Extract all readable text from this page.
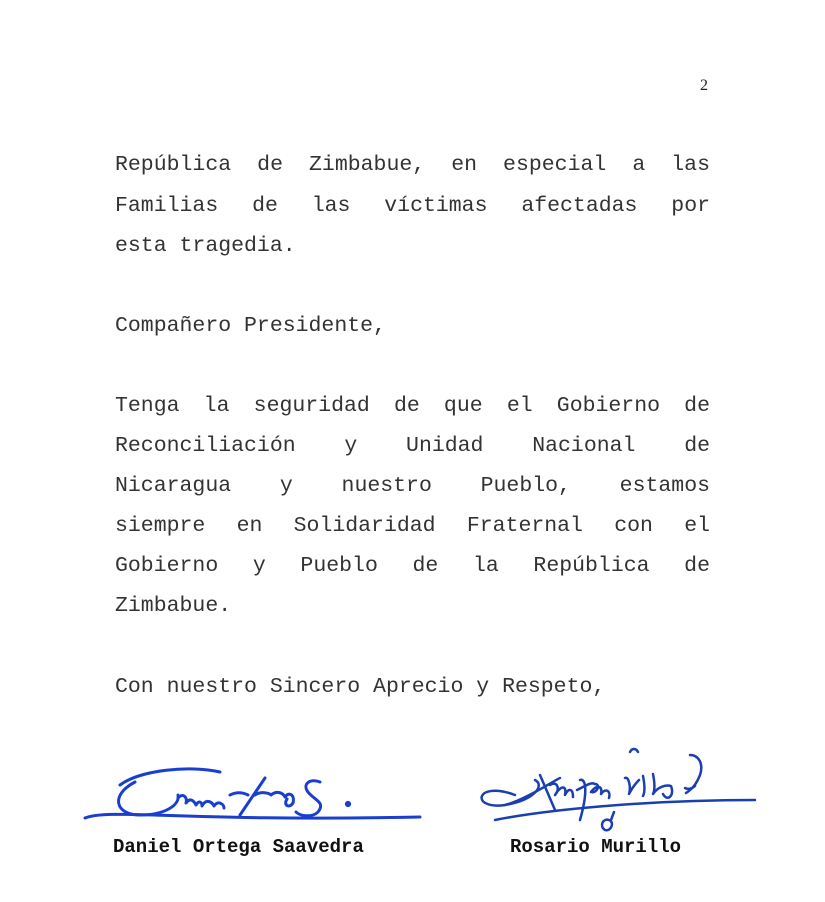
2
República de Zimbabue, en especial a las
Familias de las víctimas afectadas por
esta tragedia.
Compañero Presidente,
Tenga la seguridad de que el Gobierno de
Reconciliación y Unidad Nacional de
Nicaragua y nuestro Pueblo, estamos
siempre en Solidaridad Fraternal con el
Gobierno y Pueblo de la República de
Zimbabue.
Con nuestro Sincero Aprecio y Respeto,
Daniel Ortega Saavedra	Rosario Murillo
